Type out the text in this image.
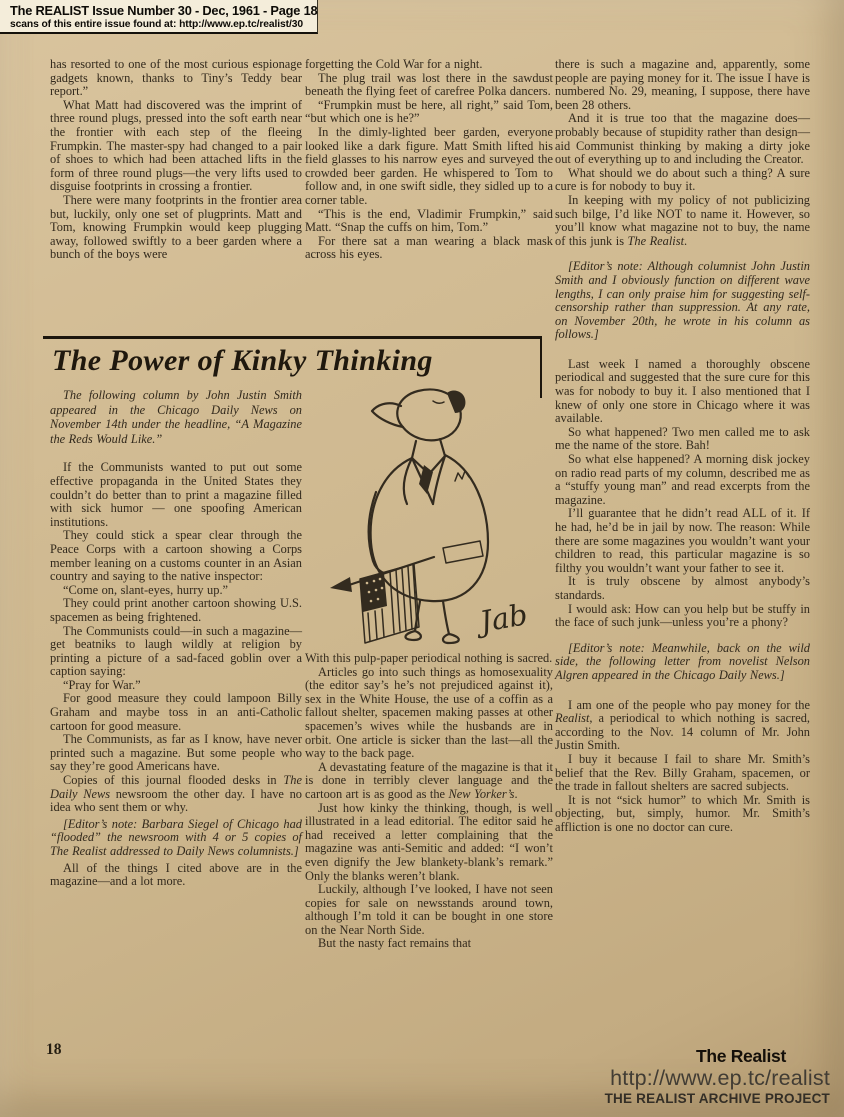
The REALIST Issue Number 30 - Dec, 1961 - Page 18
scans of this entire issue found at: http://www.ep.tc/realist/30

has resorted to one of the most curious espionage gadgets known, thanks to Tiny’s Teddy bear report.”

What Matt had discovered was the imprint of three round plugs, pressed into the soft earth near the frontier with each step of the fleeing Frumpkin. The master-spy had changed to a pair of shoes to which had been attached lifts in the form of three round plugs—the very lifts used to disguise footprints in crossing a frontier.

There were many footprints in the frontier area but, luckily, only one set of plugprints. Matt and Tom, knowing Frumpkin would keep plugging away, followed swiftly to a beer garden where a bunch of the boys were

forgetting the Cold War for a night.

The plug trail was lost there in the sawdust beneath the flying feet of carefree Polka dancers.

“Frumpkin must be here, all right,” said Tom, “but which one is he?”

In the dimly-lighted beer garden, everyone looked like a dark figure. Matt Smith lifted his field glasses to his narrow eyes and surveyed the crowded beer garden. He whispered to Tom to follow and, in one swift sidle, they sidled up to a corner table.

“This is the end, Vladimir Frumpkin,” said Matt. “Snap the cuffs on him, Tom.”

For there sat a man wearing a black mask across his eyes.

The Power of Kinky Thinking

The following column by John Justin Smith appeared in the Chicago Daily News on November 14th under the headline, “A Magazine the Reds Would Like.”

If the Communists wanted to put out some effective propaganda in the United States they couldn’t do better than to print a magazine filled with sick humor — one spoofing American institutions.

They could stick a spear clear through the Peace Corps with a cartoon showing a Corps member leaning on a customs counter in an Asian country and saying to the native inspector:

“Come on, slant-eyes, hurry up.”

They could print another cartoon showing U.S. spacemen as being frightened.

The Communists could—in such a magazine—get beatniks to laugh wildly at religion by printing a picture of a sad-faced goblin over a caption saying:

“Pray for War.”

For good measure they could lampoon Billy Graham and maybe toss in an anti-Catholic cartoon for good measure.

The Communists, as far as I know, have never printed such a magazine. But some people who say they’re good Americans have.

Copies of this journal flooded desks in The Daily News newsroom the other day. I have no idea who sent them or why.

[Editor’s note: Barbara Siegel of Chicago had “flooded” the newsroom with 4 or 5 copies of The Realist addressed to Daily News columnists.]

All of the things I cited above are in the magazine—and a lot more.

Jab

With this pulp-paper periodical nothing is sacred.

Articles go into such things as homosexuality (the editor say’s he’s not prejudiced against it), sex in the White House, the use of a coffin as a fallout shelter, spacemen making passes at other spacemen’s wives while the husbands are in orbit. One article is sicker than the last—all the way to the back page.

A devastating feature of the magazine is that it is done in terribly clever language and the cartoon art is as good as the New Yorker’s.

Just how kinky the thinking, though, is well illustrated in a lead editorial. The editor said he had received a letter complaining that the magazine was anti-Semitic and added: “I won’t even dignify the Jew blankety-blank’s remark.” Only the blanks weren’t blank.

Luckily, although I’ve looked, I have not seen copies for sale on newsstands around town, although I’m told it can be bought in one store on the Near North Side.

But the nasty fact remains that

there is such a magazine and, apparently, some people are paying money for it. The issue I have is numbered No. 29, meaning, I suppose, there have been 28 others.

And it is true too that the magazine does—probably because of stupidity rather than design—aid Communist thinking by making a dirty joke out of everything up to and including the Creator.

What should we do about such a thing? A sure cure is for nobody to buy it.

In keeping with my policy of not publicizing such bilge, I’d like NOT to name it. However, so you’ll know what magazine not to buy, the name of this junk is The Realist.

[Editor’s note: Although columnist John Justin Smith and I obviously function on different wave lengths, I can only praise him for suggesting self-censorship rather than suppression. At any rate, on November 20th, he wrote in his column as follows.]

Last week I named a thoroughly obscene periodical and suggested that the sure cure for this was for nobody to buy it. I also mentioned that I knew of only one store in Chicago where it was available.

So what happened? Two men called me to ask me the name of the store. Bah!

So what else happened? A morning disk jockey on radio read parts of my column, described me as a “stuffy young man” and read excerpts from the magazine.

I’ll guarantee that he didn’t read ALL of it. If he had, he’d be in jail by now. The reason: While there are some magazines you wouldn’t want your children to read, this particular magazine is so filthy you wouldn’t want your father to see it.

It is truly obscene by almost anybody’s standards.

I would ask: How can you help but be stuffy in the face of such junk—unless you’re a phony?

[Editor’s note: Meanwhile, back on the wild side, the following letter from novelist Nelson Algren appeared in the Chicago Daily News.]

I am one of the people who pay money for the Realist, a periodical to which nothing is sacred, according to the Nov. 14 column of Mr. John Justin Smith.

I buy it because I fail to share Mr. Smith’s belief that the Rev. Billy Graham, spacemen, or the trade in fallout shelters are sacred subjects.

It is not “sick humor” to which Mr. Smith is objecting, but, simply, humor. Mr. Smith’s affliction is one no doctor can cure.

18	The Realist
http://www.ep.tc/realist
THE REALIST ARCHIVE PROJECT
